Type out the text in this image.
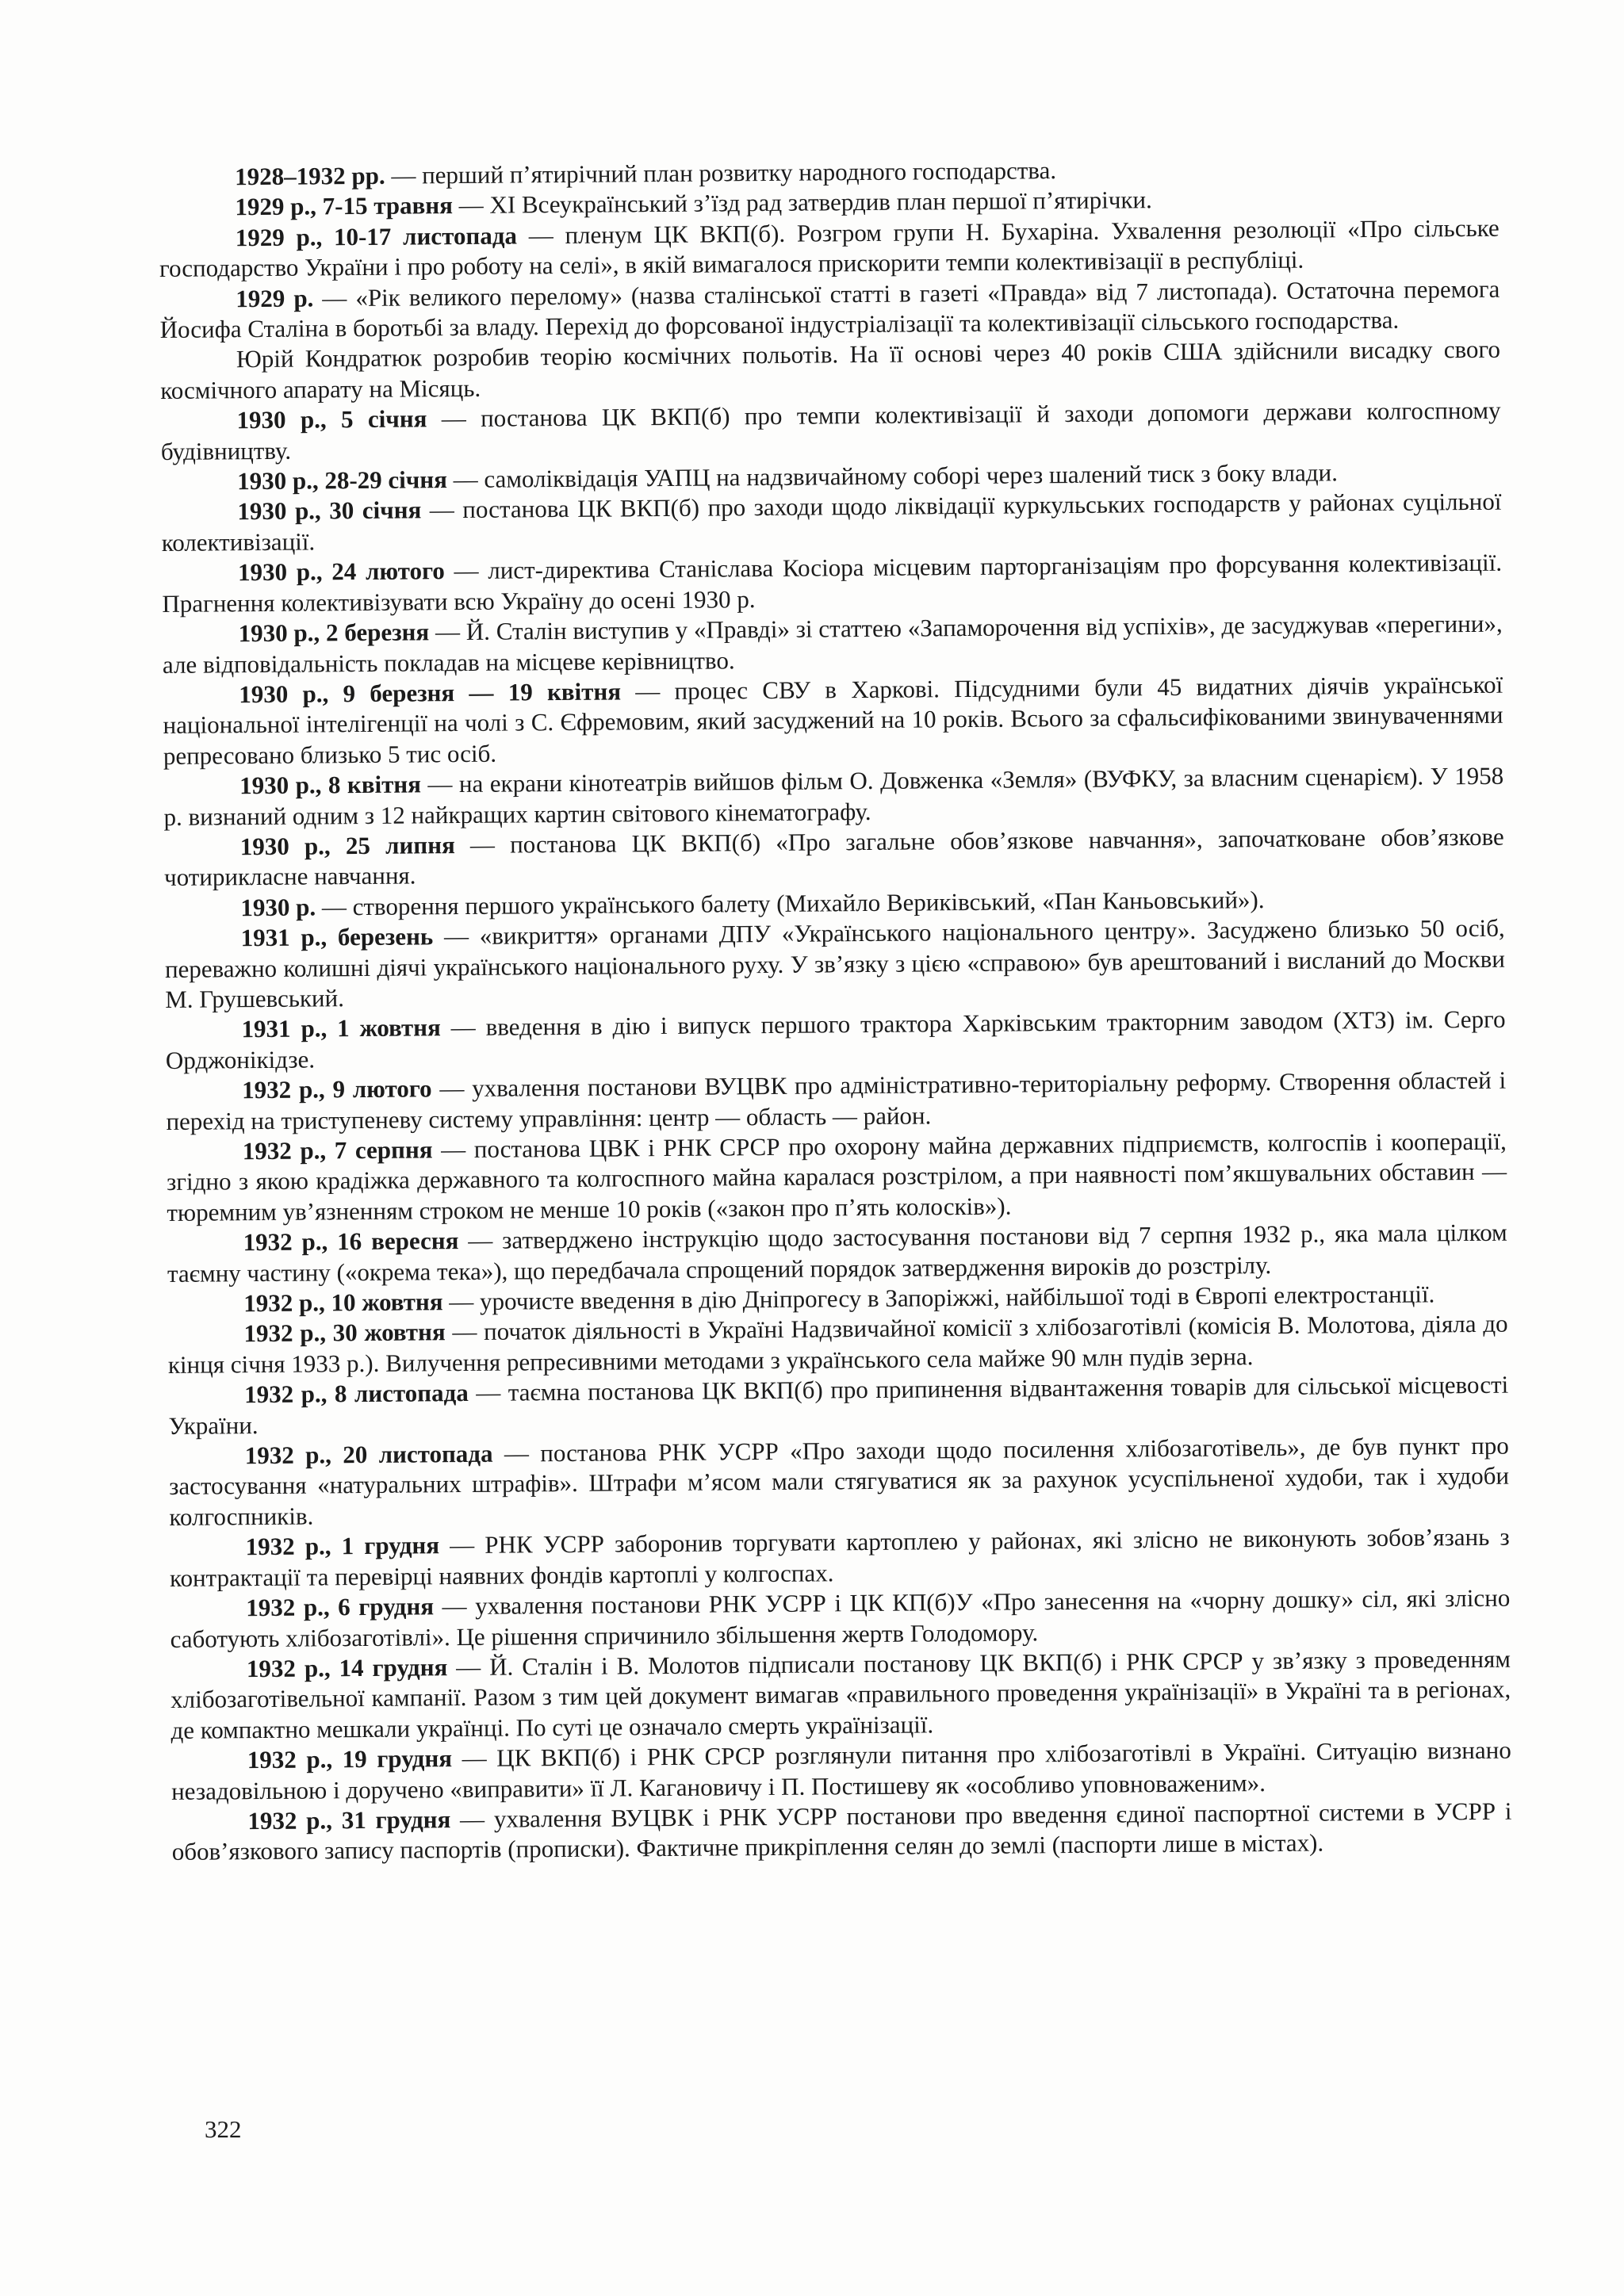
1928–1932 рр. — перший п’ятирічний план розвитку народного господарства.

1929 р., 7-15 травня — XI Всеукраїнський з’їзд рад затвердив план першої п’ятирічки.

1929 р., 10-17 листопада — пленум ЦК ВКП(б). Розгром групи Н. Бухаріна. Ухвалення резолюції «Про сільське господарство України і про роботу на селі», в якій вимагалося прискорити темпи колективізації в республіці.

1929 р. — «Рік великого перелому» (назва сталінської статті в газеті «Правда» від 7 листопада). Остаточна перемога Йосифа Сталіна в боротьбі за владу. Перехід до форсованої індустріалізації та колективізації сільського господарства.

Юрій Кондратюк розробив теорію космічних польотів. На її основі через 40 років США здійснили висадку свого космічного апарату на Місяць.

1930 р., 5 січня — постанова ЦК ВКП(б) про темпи колективізації й заходи допомоги держави колгоспному будівництву.

1930 р., 28-29 січня — самоліквідація УАПЦ на надзвичайному соборі через шалений тиск з боку влади.

1930 р., 30 січня — постанова ЦК ВКП(б) про заходи щодо ліквідації куркульських господарств у районах суцільної колективізації.

1930 р., 24 лютого — лист-директива Станіслава Косіора місцевим парторганізаціям про форсування колективізації. Прагнення колективізувати всю Україну до осені 1930 р.

1930 р., 2 березня — Й. Сталін виступив у «Правді» зі статтею «Запаморочення від успіхів», де засуджував «перегини», але відповідальність покладав на місцеве керівництво.

1930 р., 9 березня — 19 квітня — процес СВУ в Харкові. Підсудними були 45 видатних діячів української національної інтелігенції на чолі з С. Єфремовим, який засуджений на 10 років. Всього за сфальсифікованими звинуваченнями репресовано близько 5 тис осіб.

1930 р., 8 квітня — на екрани кінотеатрів вийшов фільм О. Довженка «Земля» (ВУФКУ, за власним сценарієм). У 1958 р. визнаний одним з 12 найкращих картин світового кінематографу.

1930 р., 25 липня — постанова ЦК ВКП(б) «Про загальне обов’язкове навчання», започатковане обов’язкове чотирикласне навчання.

1930 р. — створення першого українського балету (Михайло Вериківський, «Пан Каньовський»).

1931 р., березень — «викриття» органами ДПУ «Українського національного центру». Засуджено близько 50 осіб, переважно колишні діячі українського національного руху. У зв’язку з цією «справою» був арештований і висланий до Москви М. Грушевський.

1931 р., 1 жовтня — введення в дію і випуск першого трактора Харківським тракторним заводом (ХТЗ) ім. Серго Орджонікідзе.

1932 р., 9 лютого — ухвалення постанови ВУЦВК про адміністративно-територіальну реформу. Створення областей і перехід на триступеневу систему управління: центр — область — район.

1932 р., 7 серпня — постанова ЦВК і РНК СРСР про охорону майна державних підприємств, колгоспів і кооперації, згідно з якою крадіжка державного та колгоспного майна каралася розстрілом, а при наявності пом’якшувальних обставин — тюремним ув’язненням строком не менше 10 років («закон про п’ять колосків»).

1932 р., 16 вересня — затверджено інструкцію щодо застосування постанови від 7 серпня 1932 р., яка мала цілком таємну частину («окрема тека»), що передбачала спрощений порядок затвердження вироків до розстрілу.

1932 р., 10 жовтня — урочисте введення в дію Дніпрогесу в Запоріжжі, найбільшої тоді в Європі електростанції.

1932 р., 30 жовтня — початок діяльності в Україні Надзвичайної комісії з хлібозаготівлі (комісія В. Молотова, діяла до кінця січня 1933 р.). Вилучення репресивними методами з українського села майже 90 млн пудів зерна.

1932 р., 8 листопада — таємна постанова ЦК ВКП(б) про припинення відвантаження товарів для сільської місцевості України.

1932 р., 20 листопада — постанова РНК УСРР «Про заходи щодо посилення хлібозаготівель», де був пункт про застосування «натуральних штрафів». Штрафи м’ясом мали стягуватися як за рахунок усуспільненої худоби, так і худоби колгоспників.

1932 р., 1 грудня — РНК УСРР заборонив торгувати картоплею у районах, які злісно не виконують зобов’язань з контрактації та перевірці наявних фондів картоплі у колгоспах.

1932 р., 6 грудня — ухвалення постанови РНК УСРР і ЦК КП(б)У «Про занесення на «чорну дошку» сіл, які злісно саботують хлібозаготівлі». Це рішення спричинило збільшення жертв Голодомору.

1932 р., 14 грудня — Й. Сталін і В. Молотов підписали постанову ЦК ВКП(б) і РНК СРСР у зв’язку з проведенням хлібозаготівельної кампанії. Разом з тим цей документ вимагав «правильного проведення українізації» в Україні та в регіонах, де компактно мешкали українці. По суті це означало смерть українізації.

1932 р., 19 грудня — ЦК ВКП(б) і РНК СРСР розглянули питання про хлібозаготівлі в Україні. Ситуацію визнано незадовільною і доручено «виправити» її Л. Кагановичу і П. Постишеву як «особливо уповноваженим».

1932 р., 31 грудня — ухвалення ВУЦВК і РНК УСРР постанови про введення єдиної паспортної системи в УСРР і обов’язкового запису паспортів (прописки). Фактичне прикріплення селян до землі (паспорти лише в містах).

322
